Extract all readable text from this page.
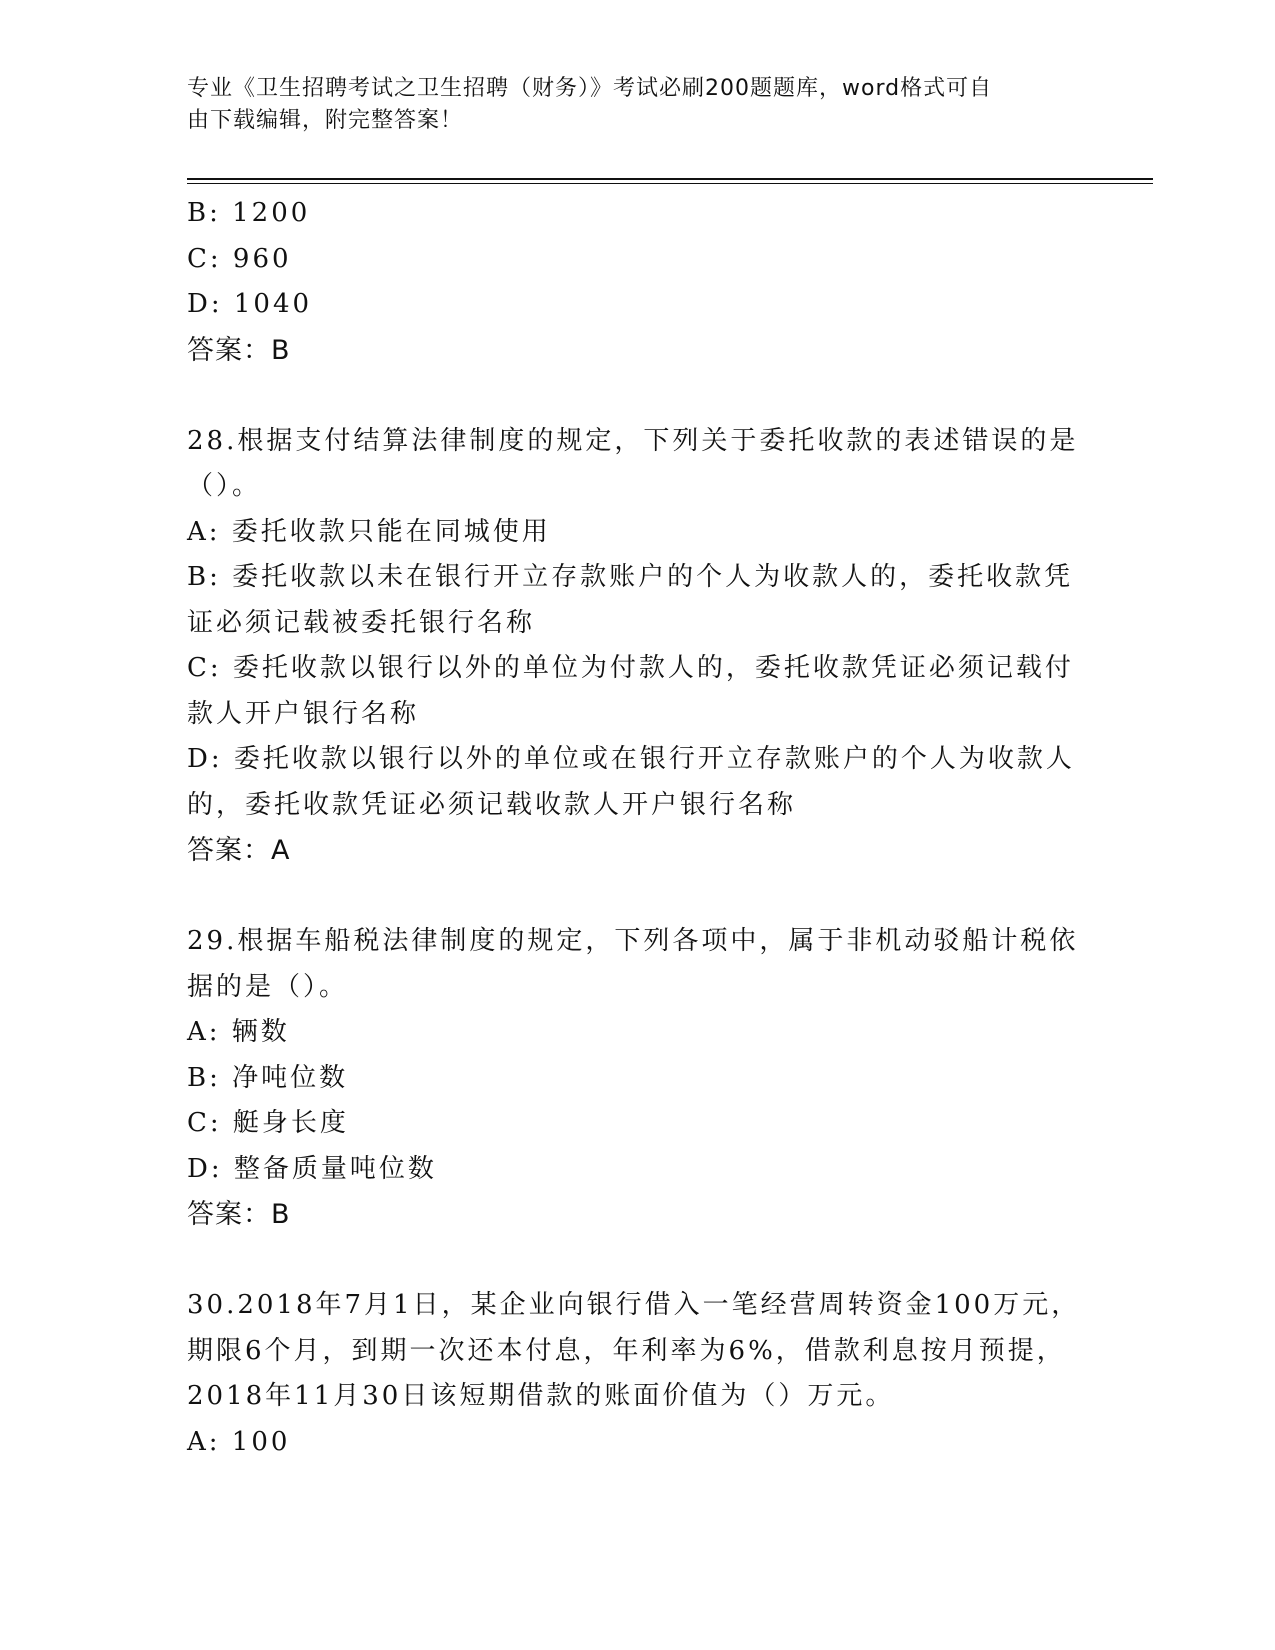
专业《卫生招聘考试之卫生招聘（财务）》考试必刷200题题库，word格式可自
由下载编辑，附完整答案！
B: 1200
C: 960
D: 1040
答案：B
28.根据支付结算法律制度的规定，下列关于委托收款的表述错误的是
（）。
A: 委托收款只能在同城使用
B: 委托收款以未在银行开立存款账户的个人为收款人的，委托收款凭
证必须记载被委托银行名称
C: 委托收款以银行以外的单位为付款人的，委托收款凭证必须记载付
款人开户银行名称
D: 委托收款以银行以外的单位或在银行开立存款账户的个人为收款人
的，委托收款凭证必须记载收款人开户银行名称
答案：A
29.根据车船税法律制度的规定，下列各项中，属于非机动驳船计税依
据的是（）。
A: 辆数
B: 净吨位数
C: 艇身长度
D: 整备质量吨位数
答案：B
30.2018年7月1日，某企业向银行借入一笔经营周转资金100万元，
期限6个月，到期一次还本付息，年利率为6%，借款利息按月预提，
2018年11月30日该短期借款的账面价值为（）万元。
A: 100
